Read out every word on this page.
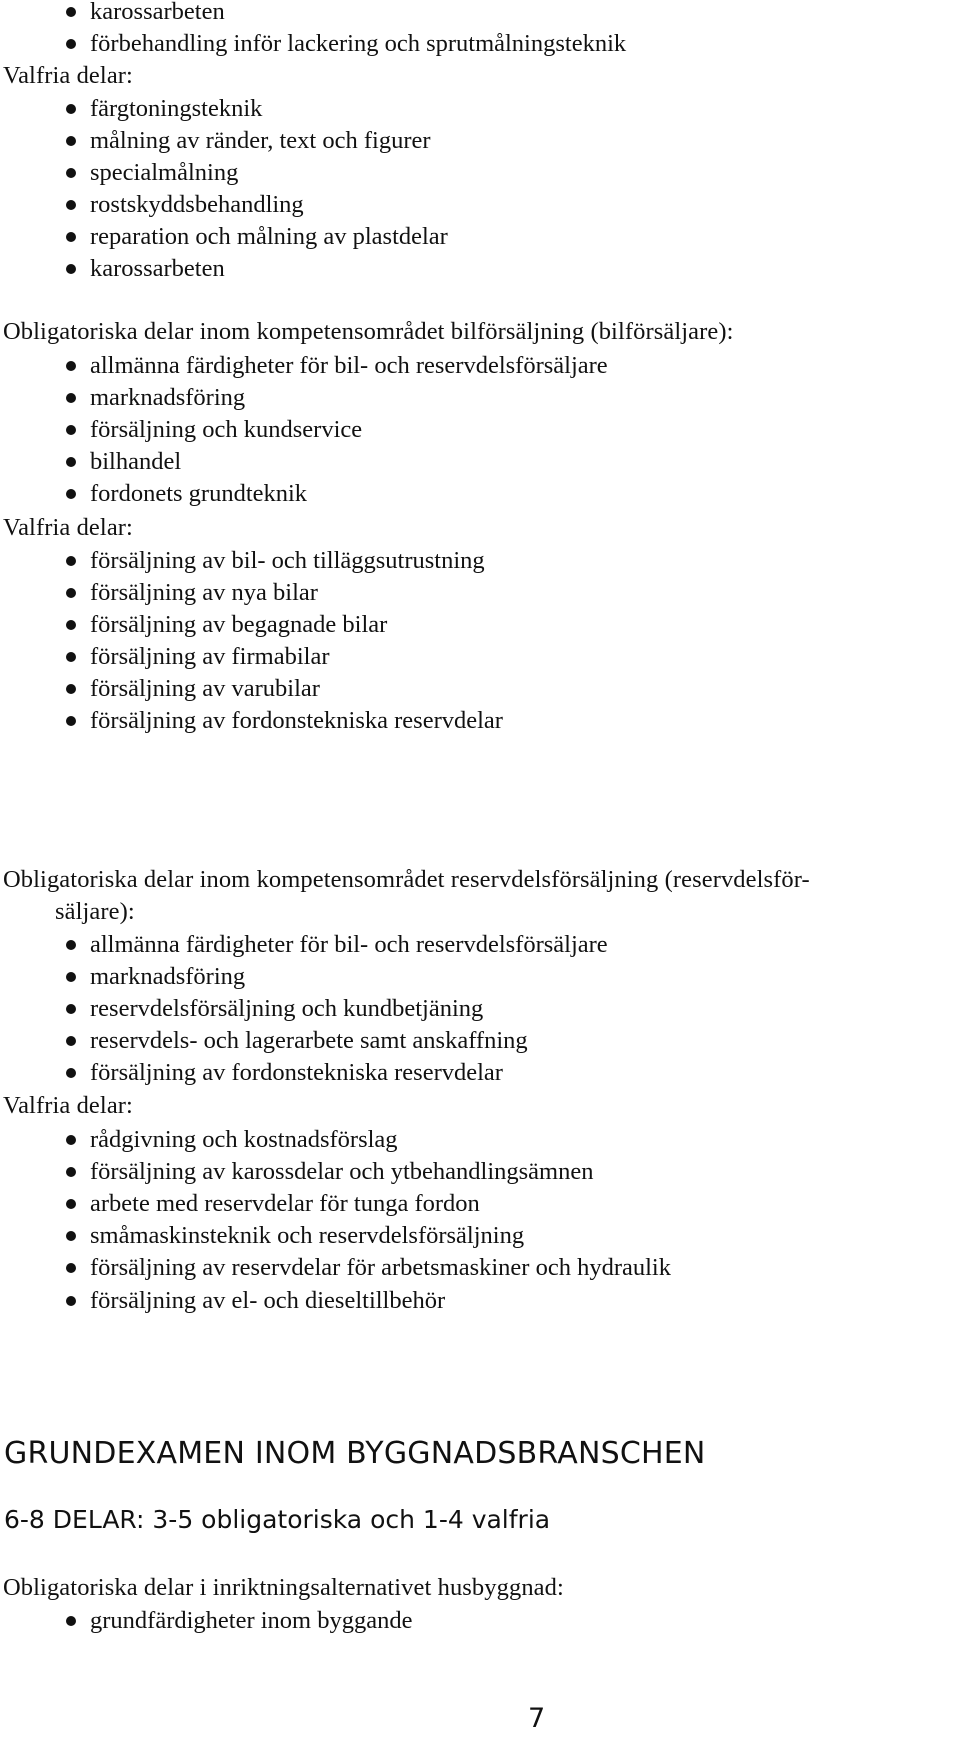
karossarbeten
förbehandling inför lackering och sprutmålningsteknik
Valfria delar:
färgtoningsteknik
målning av ränder, text och figurer
specialmålning
rostskyddsbehandling
reparation och målning av plastdelar
karossarbeten
Obligatoriska delar inom kompetensområdet bilförsäljning (bilförsäljare):
allmänna färdigheter för bil- och reservdelsförsäljare
marknadsföring
försäljning och kundservice
bilhandel
fordonets grundteknik
Valfria delar:
försäljning av bil- och tilläggsutrustning
försäljning av nya bilar
försäljning av begagnade bilar
försäljning av firmabilar
försäljning av varubilar
försäljning av fordonstekniska reservdelar
Obligatoriska delar inom kompetensområdet reservdelsförsäljning (reservdelsför-
säljare):
allmänna färdigheter för bil- och reservdelsförsäljare
marknadsföring
reservdelsförsäljning och kundbetjäning
reservdels- och lagerarbete samt anskaffning
försäljning av fordonstekniska reservdelar
Valfria delar:
rådgivning och kostnadsförslag
försäljning av karossdelar och ytbehandlingsämnen
arbete med reservdelar för tunga fordon
småmaskinsteknik och reservdelsförsäljning
försäljning av reservdelar för arbetsmaskiner och hydraulik
försäljning av el- och dieseltillbehör
GRUNDEXAMEN INOM BYGGNADSBRANSCHEN
6-8 DELAR: 3-5 obligatoriska och 1-4 valfria
Obligatoriska delar i inriktningsalternativet husbyggnad:
grundfärdigheter inom byggande
7
